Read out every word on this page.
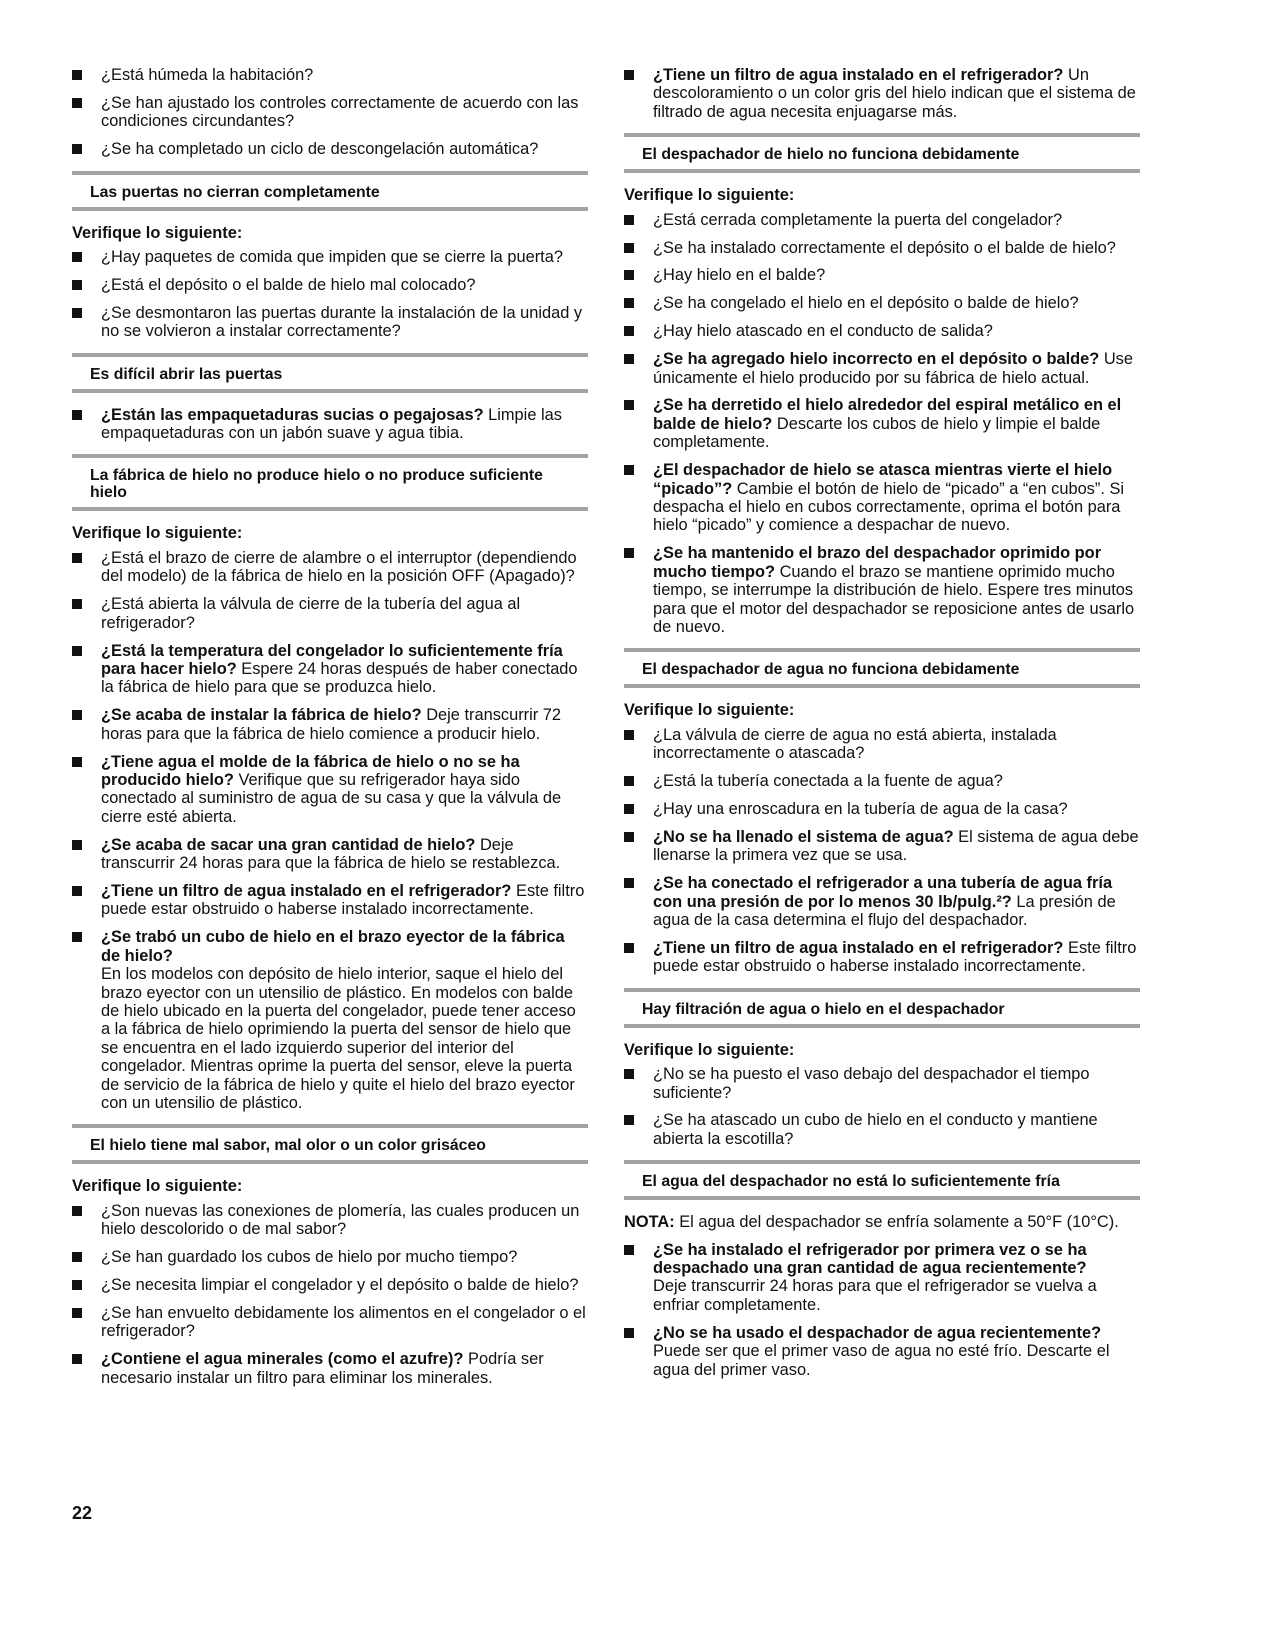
¿Está húmeda la habitación?
¿Se han ajustado los controles correctamente de acuerdo con las condiciones circundantes?
¿Se ha completado un ciclo de descongelación automática?
Las puertas no cierran completamente
Verifique lo siguiente:
¿Hay paquetes de comida que impiden que se cierre la puerta?
¿Está el depósito o el balde de hielo mal colocado?
¿Se desmontaron las puertas durante la instalación de la unidad y no se volvieron a instalar correctamente?
Es difícil abrir las puertas
¿Están las empaquetaduras sucias o pegajosas? Limpie las empaquetaduras con un jabón suave y agua tibia.
La fábrica de hielo no produce hielo o no produce suficiente hielo
Verifique lo siguiente:
¿Está el brazo de cierre de alambre o el interruptor (dependiendo del modelo) de la fábrica de hielo en la posición OFF (Apagado)?
¿Está abierta la válvula de cierre de la tubería del agua al refrigerador?
¿Está la temperatura del congelador lo suficientemente fría para hacer hielo? Espere 24 horas después de haber conectado la fábrica de hielo para que se produzca hielo.
¿Se acaba de instalar la fábrica de hielo? Deje transcurrir 72 horas para que la fábrica de hielo comience a producir hielo.
¿Tiene agua el molde de la fábrica de hielo o no se ha producido hielo? Verifique que su refrigerador haya sido conectado al suministro de agua de su casa y que la válvula de cierre esté abierta.
¿Se acaba de sacar una gran cantidad de hielo? Deje transcurrir 24 horas para que la fábrica de hielo se restablezca.
¿Tiene un filtro de agua instalado en el refrigerador? Este filtro puede estar obstruido o haberse instalado incorrectamente.
¿Se trabó un cubo de hielo en el brazo eyector de la fábrica de hielo?
En los modelos con depósito de hielo interior, saque el hielo del brazo eyector con un utensilio de plástico. En modelos con balde de hielo ubicado en la puerta del congelador, puede tener acceso a la fábrica de hielo oprimiendo la puerta del sensor de hielo que se encuentra en el lado izquierdo superior del interior del congelador. Mientras oprime la puerta del sensor, eleve la puerta de servicio de la fábrica de hielo y quite el hielo del brazo eyector con un utensilio de plástico.
El hielo tiene mal sabor, mal olor o un color grisáceo
Verifique lo siguiente:
¿Son nuevas las conexiones de plomería, las cuales producen un hielo descolorido o de mal sabor?
¿Se han guardado los cubos de hielo por mucho tiempo?
¿Se necesita limpiar el congelador y el depósito o balde de hielo?
¿Se han envuelto debidamente los alimentos en el congelador o el refrigerador?
¿Contiene el agua minerales (como el azufre)? Podría ser necesario instalar un filtro para eliminar los minerales.
¿Tiene un filtro de agua instalado en el refrigerador? Un descoloramiento o un color gris del hielo indican que el sistema de filtrado de agua necesita enjuagarse más.
El despachador de hielo no funciona debidamente
Verifique lo siguiente:
¿Está cerrada completamente la puerta del congelador?
¿Se ha instalado correctamente el depósito o el balde de hielo?
¿Hay hielo en el balde?
¿Se ha congelado el hielo en el depósito o balde de hielo?
¿Hay hielo atascado en el conducto de salida?
¿Se ha agregado hielo incorrecto en el depósito o balde? Use únicamente el hielo producido por su fábrica de hielo actual.
¿Se ha derretido el hielo alrededor del espiral metálico en el balde de hielo? Descarte los cubos de hielo y limpie el balde completamente.
¿El despachador de hielo se atasca mientras vierte el hielo “picado”? Cambie el botón de hielo de “picado” a “en cubos”. Si despacha el hielo en cubos correctamente, oprima el botón para hielo “picado” y comience a despachar de nuevo.
¿Se ha mantenido el brazo del despachador oprimido por mucho tiempo? Cuando el brazo se mantiene oprimido mucho tiempo, se interrumpe la distribución de hielo. Espere tres minutos para que el motor del despachador se reposicione antes de usarlo de nuevo.
El despachador de agua no funciona debidamente
Verifique lo siguiente:
¿La válvula de cierre de agua no está abierta, instalada incorrectamente o atascada?
¿Está la tubería conectada a la fuente de agua?
¿Hay una enroscadura en la tubería de agua de la casa?
¿No se ha llenado el sistema de agua? El sistema de agua debe llenarse la primera vez que se usa.
¿Se ha conectado el refrigerador a una tubería de agua fría con una presión de por lo menos 30 lb/pulg.²? La presión de agua de la casa determina el flujo del despachador.
¿Tiene un filtro de agua instalado en el refrigerador? Este filtro puede estar obstruido o haberse instalado incorrectamente.
Hay filtración de agua o hielo en el despachador
Verifique lo siguiente:
¿No se ha puesto el vaso debajo del despachador el tiempo suficiente?
¿Se ha atascado un cubo de hielo en el conducto y mantiene abierta la escotilla?
El agua del despachador no está lo suficientemente fría
NOTA: El agua del despachador se enfría solamente a 50°F (10°C).
¿Se ha instalado el refrigerador por primera vez o se ha despachado una gran cantidad de agua recientemente?
Deje transcurrir 24 horas para que el refrigerador se vuelva a enfriar completamente.
¿No se ha usado el despachador de agua recientemente?
Puede ser que el primer vaso de agua no esté frío. Descarte el agua del primer vaso.
22
